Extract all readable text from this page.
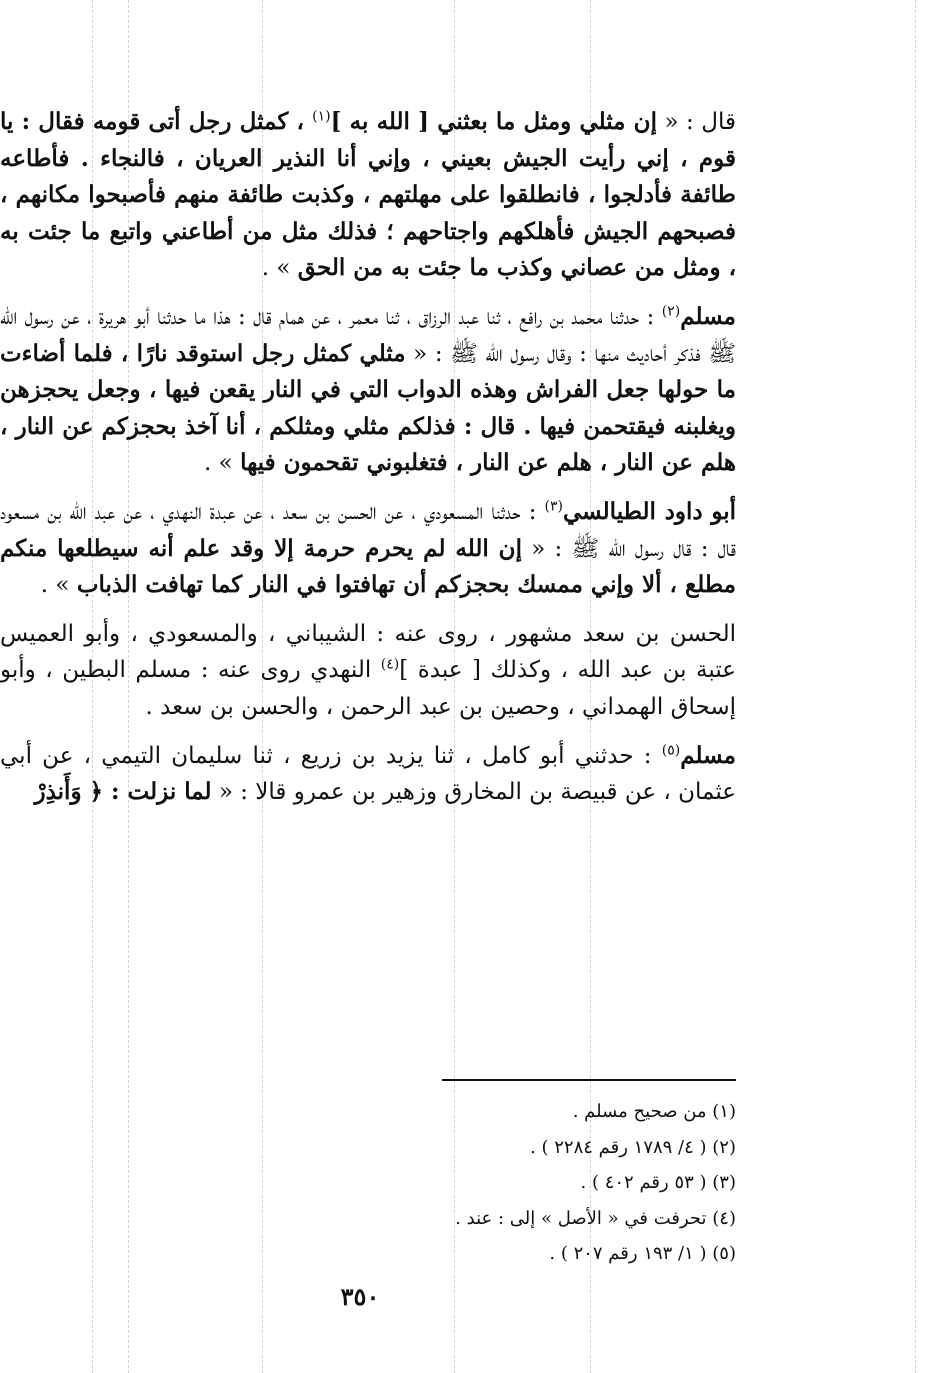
قال : « إن مثلي ومثل ما بعثني [ الله به ]$^{(١)}$ ، كمثل رجل أتى قومه فقال : يا قوم ، إني رأيت الجيش بعيني ، وإني أنا النذير العريان ، فالنجاء . فأطاعه طائفة فأدلجوا ، فانطلقوا على مهلتهم ، وكذبت طائفة منهم فأصبحوا مكانهم ، فصبحهم الجيش فأهلكهم واجتاحهم ؛ فذلك مثل من أطاعني واتبع ما جئت به ، ومثل من عصاني وكذب ما جئت به من الحق » .

مسلم$^{(٢)}$ : حدثنا محمد بن رافع ، ثنا عبد الرزاق ، ثنا معمر ، عن همام قال : هذا ما حدثنا أبو هريرة ، عن رسول الله ﷺ فذكر أحاديث منها : وقال رسول الله ﷺ : « مثلي كمثل رجل استوقد نارًا ، فلما أضاءت ما حولها جعل الفراش وهذه الدواب التي في النار يقعن فيها ، وجعل يحجزهن ويغلبنه فيقتحمن فيها . قال : فذلكم مثلي ومثلكم ، أنا آخذ بحجزكم عن النار ، هلم عن النار ، هلم عن النار ، فتغلبوني تقحمون فيها » .

أبو داود الطيالسي$^{(٣)}$ : حدثنا المسعودي ، عن الحسن بن سعد ، عن عبدة النهدي ، عن عبد الله بن مسعود قال : قال رسول الله ﷺ : « إن الله لم يحرم حرمة إلا وقد علم أنه سيطلعها منكم مطلع ، ألا وإني ممسك بحجزكم أن تهافتوا في النار كما تهافت الذباب » .

الحسن بن سعد مشهور ، روى عنه : الشيباني ، والمسعودي ، وأبو العميس عتبة بن عبد الله ، وكذلك [ عبدة ]$^{(٤)}$ النهدي روى عنه : مسلم البطين ، وأبو إسحاق الهمداني ، وحصين بن عبد الرحمن ، والحسن بن سعد .

مسلم$^{(٥)}$ : حدثني أبو كامل ، ثنا يزيد بن زريع ، ثنا سليمان التيمي ، عن أبي عثمان ، عن قبيصة بن المخارق وزهير بن عمرو قالا : « لما نزلت : ﴿ وَأَنذِرْ

(١) من صحيح مسلم .
(٢) ( ٤/ ١٧٨٩ رقم ٢٢٨٤ ) .
(٣) ( ٥٣ رقم ٤٠٢ ) .
(٤) تحرفت في « الأصل » إلى : عند .
(٥) ( ١/ ١٩٣ رقم ٢٠٧ ) .
٣٥٠
